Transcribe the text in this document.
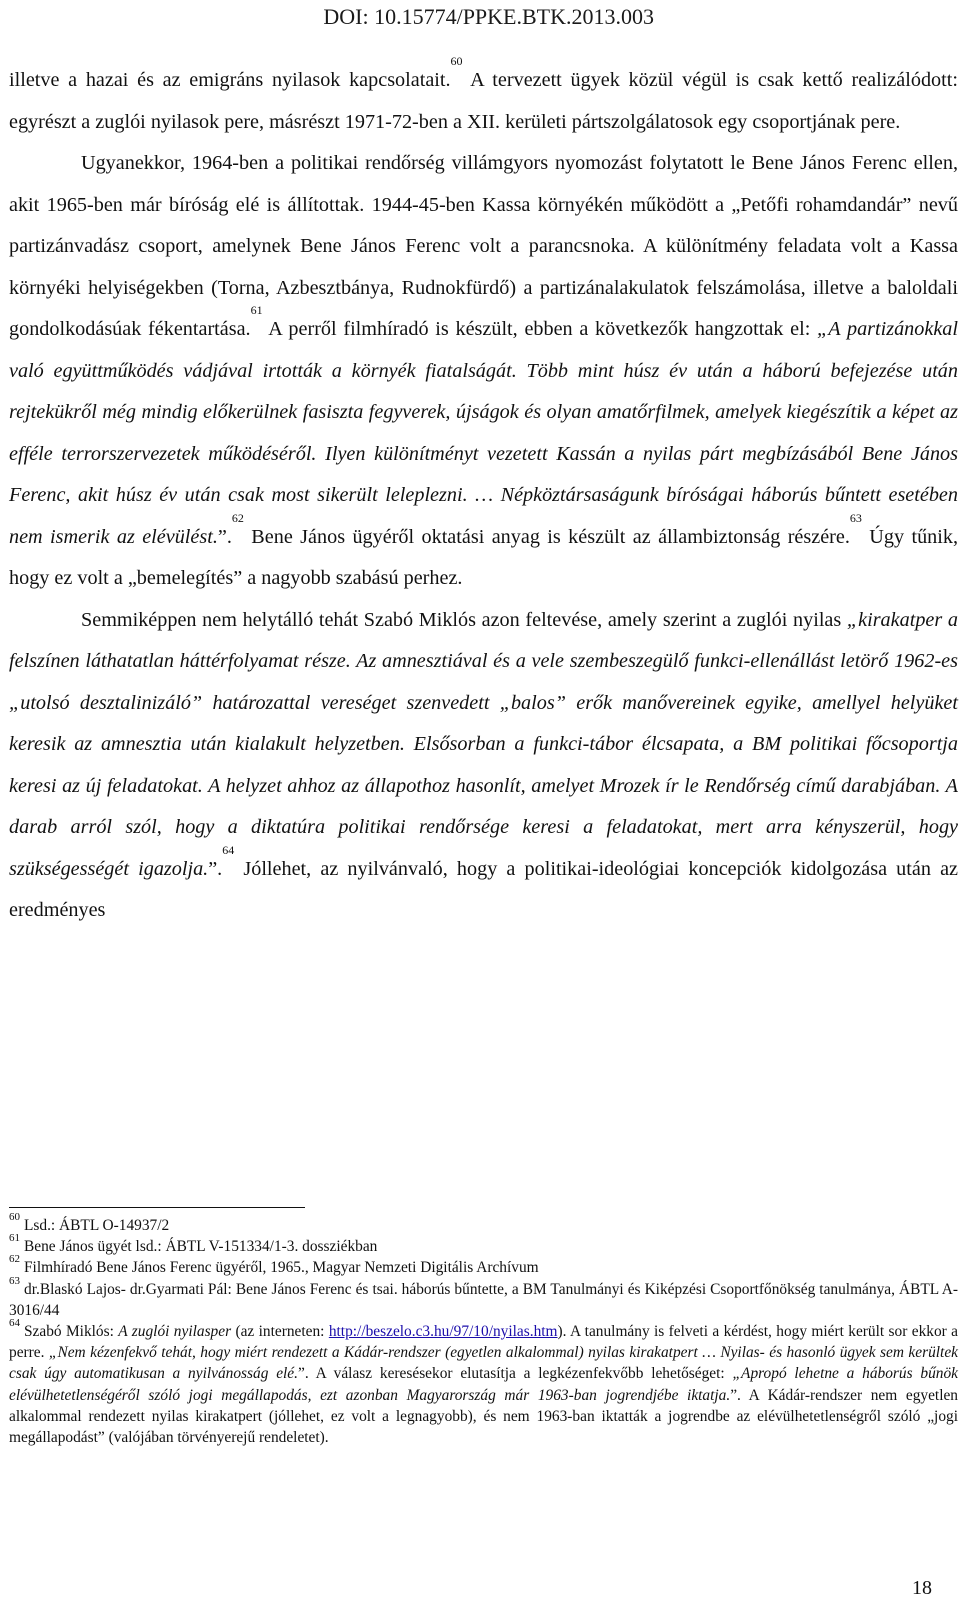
DOI: 10.15774/PPKE.BTK.2013.003

illetve a hazai és az emigráns nyilasok kapcsolatait.$^{60}$ A tervezett ügyek közül végül is csak kettő realizálódott: egyrészt a zuglói nyilasok pere, másrészt 1971-72-ben a XII. kerületi pártszolgálatosok egy csoportjának pere.

Ugyanekkor, 1964-ben a politikai rendőrség villámgyors nyomozást folytatott le Bene János Ferenc ellen, akit 1965-ben már bíróság elé is állítottak. 1944-45-ben Kassa környékén működött a „Petőfi rohamdandár” nevű partizánvadász csoport, amelynek Bene János Ferenc volt a parancsnoka. A különítmény feladata volt a Kassa környéki helyiségekben (Torna, Azbesztbánya, Rudnokfürdő) a partizánalakulatok felszámolása, illetve a baloldali gondolkodásúak fékentartása.$^{61}$ A perről filmhíradó is készült, ebben a következők hangzottak el: „A partizánokkal való együttműködés vádjával irtották a környék fiatalságát. Több mint húsz év után a háború befejezése után rejtekükről még mindig előkerülnek fasiszta fegyverek, újságok és olyan amatőrfilmek, amelyek kiegészítik a képet az efféle terrorszervezetek működéséről. Ilyen különítményt vezetett Kassán a nyilas párt megbízásából Bene János Ferenc, akit húsz év után csak most sikerült leleplezni. … Népköztársaságunk bíróságai háborús bűntett esetében nem ismerik az elévülést.”.$^{62}$ Bene János ügyéről oktatási anyag is készült az állambiztonság részére.$^{63}$ Úgy tűnik, hogy ez volt a „bemelegítés” a nagyobb szabású perhez.

Semmiképpen nem helytálló tehát Szabó Miklós azon feltevése, amely szerint a zuglói nyilas „kirakatper a felszínen láthatatlan háttérfolyamat része. Az amnesztiával és a vele szembeszegülő funkci-ellenállást letörő 1962-es „utolsó desztalinizáló” határozattal vereséget szenvedett „balos” erők manővereinek egyike, amellyel helyüket keresik az amnesztia után kialakult helyzetben. Elsősorban a funkci-tábor élcsapata, a BM politikai főcsoportja keresi az új feladatokat. A helyzet ahhoz az állapothoz hasonlít, amelyet Mrozek ír le Rendőrség című darabjában. A darab arról szól, hogy a diktatúra politikai rendőrsége keresi a feladatokat, mert arra kényszerül, hogy szükségességét igazolja.”.$^{64}$ Jóllehet, az nyilvánvaló, hogy a politikai-ideológiai koncepciók kidolgozása után az eredményes

$^{60}$ Lsd.: ÁBTL O-14937/2

$^{61}$ Bene János ügyét lsd.: ÁBTL V-151334/1-3. dossziékban

$^{62}$ Filmhíradó Bene János Ferenc ügyéről, 1965., Magyar Nemzeti Digitális Archívum

$^{63}$ dr.Blaskó Lajos- dr.Gyarmati Pál: Bene János Ferenc és tsai. háborús bűntette, a BM Tanulmányi és Kiképzési Csoportfőnökség tanulmánya, ÁBTL A-3016/44

$^{64}$ Szabó Miklós: A zuglói nyilasper (az interneten: http://beszelo.c3.hu/97/10/nyilas.htm). A tanulmány is felveti a kérdést, hogy miért került sor ekkor a perre. „Nem kézenfekvő tehát, hogy miért rendezett a Kádár-rendszer (egyetlen alkalommal) nyilas kirakatpert … Nyilas- és hasonló ügyek sem kerültek csak úgy automatikusan a nyilvánosság elé.”. A válasz keresésekor elutasítja a legkézenfekvőbb lehetőséget: „Apropó lehetne a háborús bűnök elévülhetetlenségéről szóló jogi megállapodás, ezt azonban Magyarország már 1963-ban jogrendjébe iktatja.”. A Kádár-rendszer nem egyetlen alkalommal rendezett nyilas kirakatpert (jóllehet, ez volt a legnagyobb), és nem 1963-ban iktatták a jogrendbe az elévülhetetlenségről szóló „jogi megállapodást” (valójában törvényerejű rendeletet).

18
